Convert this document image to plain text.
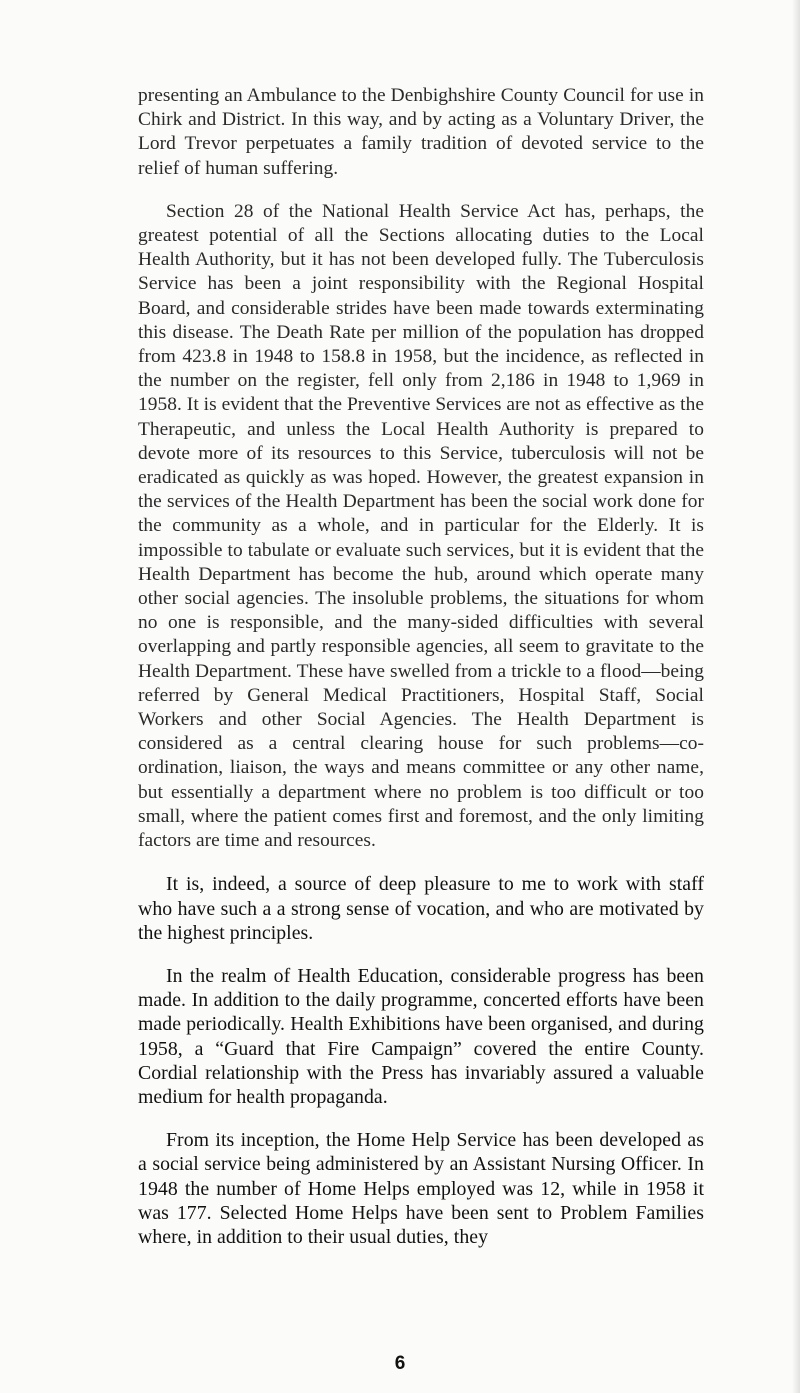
presenting an Ambulance to the Denbighshire County Council for use in Chirk and District. In this way, and by acting as a Voluntary Driver, the Lord Trevor perpetuates a family tradition of devoted service to the relief of human suffering.

Section 28 of the National Health Service Act has, perhaps, the greatest potential of all the Sections allocating duties to the Local Health Authority, but it has not been developed fully. The Tuberculosis Service has been a joint responsibility with the Regional Hospital Board, and considerable strides have been made towards exterminating this disease. The Death Rate per million of the population has dropped from 423.8 in 1948 to 158.8 in 1958, but the incidence, as reflected in the number on the register, fell only from 2,186 in 1948 to 1,969 in 1958. It is evident that the Preventive Services are not as effective as the Therapeutic, and unless the Local Health Authority is prepared to devote more of its resources to this Service, tuberculosis will not be eradicated as quickly as was hoped. However, the greatest expansion in the services of the Health Department has been the social work done for the community as a whole, and in particular for the Elderly. It is impossible to tabulate or evaluate such services, but it is evident that the Health Department has become the hub, around which operate many other social agencies. The insoluble problems, the situations for whom no one is responsible, and the many-sided difficulties with several overlapping and partly responsible agencies, all seem to gravitate to the Health Department. These have swelled from a trickle to a flood—being referred by General Medical Practitioners, Hospital Staff, Social Workers and other Social Agencies. The Health Department is considered as a central clearing house for such problems—co-ordination, liaison, the ways and means committee or any other name, but essentially a department where no problem is too difficult or too small, where the patient comes first and foremost, and the only limiting factors are time and resources.

It is, indeed, a source of deep pleasure to me to work with staff who have such a a strong sense of vocation, and who are motivated by the highest principles.

In the realm of Health Education, considerable progress has been made. In addition to the daily programme, concerted efforts have been made periodically. Health Exhibitions have been organised, and during 1958, a “Guard that Fire Campaign” covered the entire County. Cordial relationship with the Press has invariably assured a valuable medium for health propaganda.

From its inception, the Home Help Service has been developed as a social service being administered by an Assistant Nursing Officer. In 1948 the number of Home Helps employed was 12, while in 1958 it was 177. Selected Home Helps have been sent to Problem Families where, in addition to their usual duties, they

6
